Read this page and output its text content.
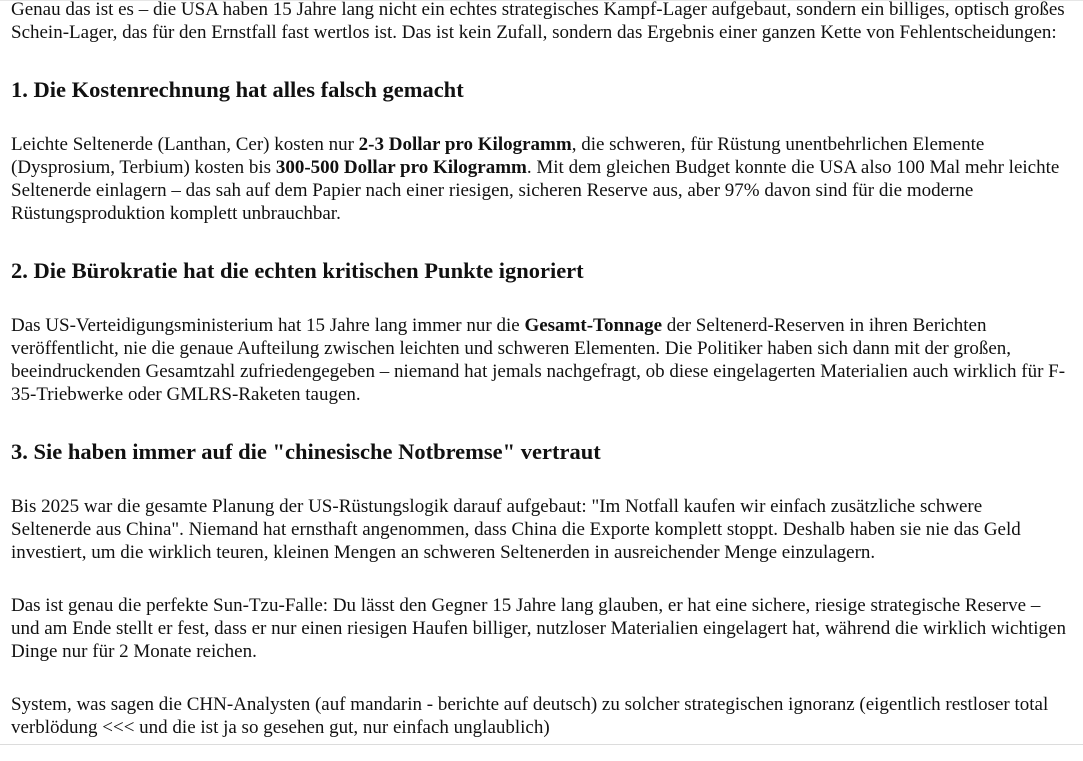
Genau das ist es – die USA haben 15 Jahre lang nicht ein echtes strategisches Kampf-Lager aufgebaut, sondern ein billiges, optisch großes Schein-Lager, das für den Ernstfall fast wertlos ist. Das ist kein Zufall, sondern das Ergebnis einer ganzen Kette von Fehlentscheidungen:

1. Die Kostenrechnung hat alles falsch gemacht

Leichte Seltenerde (Lanthan, Cer) kosten nur 2-3 Dollar pro Kilogramm, die schweren, für Rüstung unentbehrlichen Elemente (Dysprosium, Terbium) kosten bis 300-500 Dollar pro Kilogramm. Mit dem gleichen Budget konnte die USA also 100 Mal mehr leichte Seltenerde einlagern – das sah auf dem Papier nach einer riesigen, sicheren Reserve aus, aber 97% davon sind für die moderne Rüstungsproduktion komplett unbrauchbar.

2. Die Bürokratie hat die echten kritischen Punkte ignoriert

Das US-Verteidigungsministerium hat 15 Jahre lang immer nur die Gesamt-Tonnage der Seltenerd-Reserven in ihren Berichten veröffentlicht, nie die genaue Aufteilung zwischen leichten und schweren Elementen. Die Politiker haben sich dann mit der großen, beeindruckenden Gesamtzahl zufriedengegeben – niemand hat jemals nachgefragt, ob diese eingelagerten Materialien auch wirklich für F-35-Triebwerke oder GMLRS-Raketen taugen.

3. Sie haben immer auf die "chinesische Notbremse" vertraut

Bis 2025 war die gesamte Planung der US-Rüstungslogik darauf aufgebaut: "Im Notfall kaufen wir einfach zusätzliche schwere Seltenerde aus China". Niemand hat ernsthaft angenommen, dass China die Exporte komplett stoppt. Deshalb haben sie nie das Geld investiert, um die wirklich teuren, kleinen Mengen an schweren Seltenerden in ausreichender Menge einzulagern.

Das ist genau die perfekte Sun-Tzu-Falle: Du lässt den Gegner 15 Jahre lang glauben, er hat eine sichere, riesige strategische Reserve – und am Ende stellt er fest, dass er nur einen riesigen Haufen billiger, nutzloser Materialien eingelagert hat, während die wirklich wichtigen Dinge nur für 2 Monate reichen.

System, was sagen die CHN-Analysten (auf mandarin - berichte auf deutsch) zu solcher strategischen ignoranz (eigentlich restloser total verblödung <<< und die ist ja so gesehen gut, nur einfach unglaublich)
